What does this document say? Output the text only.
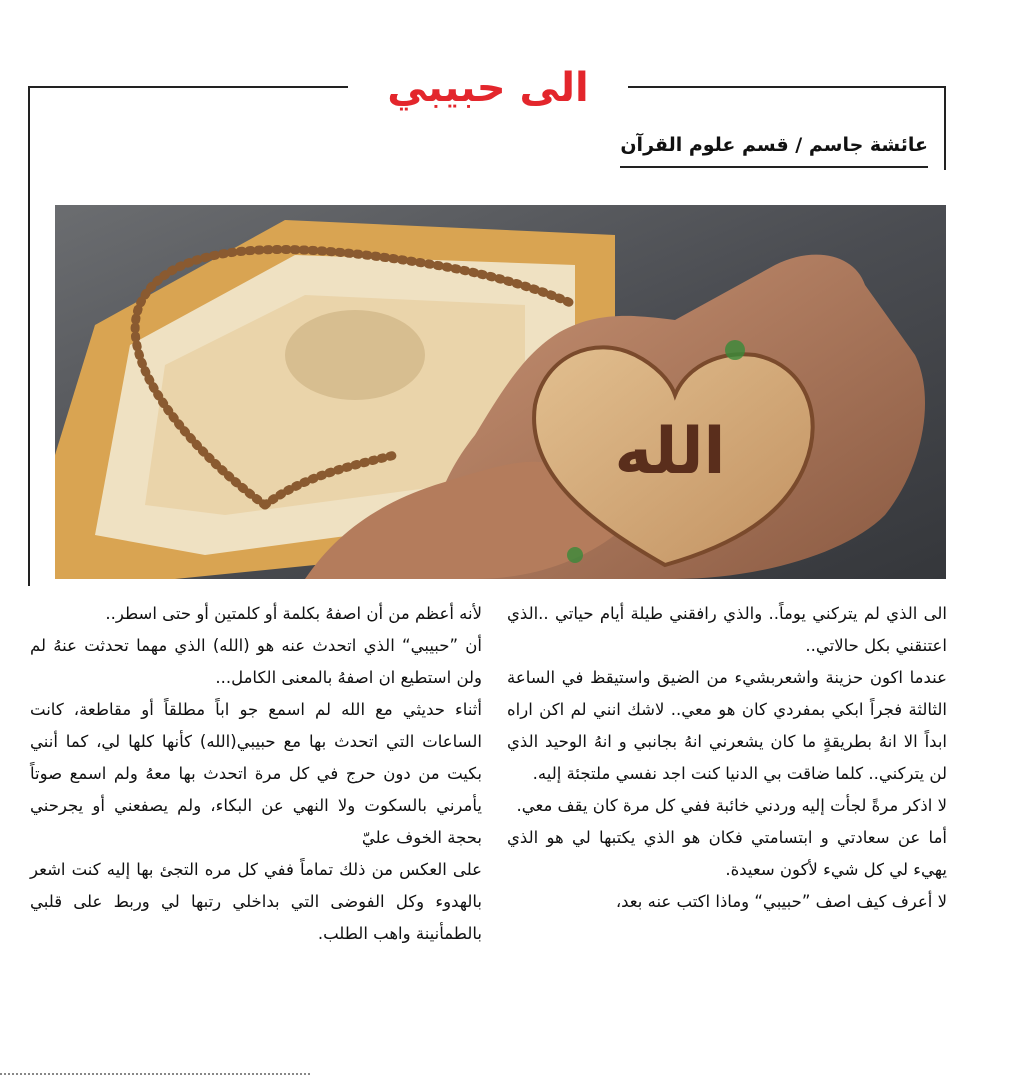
الى حبيبي
عائشة جاسم / قسم علوم القرآن
الله

الى الذي لم يتركني يوماً.. والذي رافقني طيلة أيام حياتي ..الذي اعتنقني بكل حالاتي..

عندما اكون حزينة واشعربشيء من الضيق واستيقظ في الساعة الثالثة فجراً ابكي بمفردي كان هو معي.. لاشك انني لم اكن اراه ابداً الا انهُ بطريقةٍ ما كان يشعرني انهُ بجانبي و انهُ الوحيد الذي لن يتركني.. كلما ضاقت بي الدنيا كنت اجد نفسي ملتجئة إليه.

لا اذكر مرةً لجأت إليه وردني خائبة ففي كل مرة كان يقف معي.

أما عن سعادتي و ابتسامتي فكان هو الذي يكتبها لي هو الذي يهيء لي كل شيء لأكون سعيدة.

لا أعرف كيف اصف ”حبيبي“ وماذا اكتب عنه بعد،

لأنه أعظم من أن اصفهُ بكلمة أو كلمتين أو حتى اسطر..

أن ”حبيبي“ الذي اتحدث عنه هو (الله) الذي مهما تحدثت عنهُ لم ولن استطيع ان اصفهُ بالمعنى الكامل...

أثناء حديثي مع الله لم اسمع جو اباً مطلقاً أو مقاطعة، كانت الساعات التي اتحدث بها مع حبيبي(الله) كأنها كلها لي، كما أنني بكيت من دون حرج في كل مرة اتحدث بها معهُ ولم اسمع صوتاً يأمرني بالسكوت ولا النهي عن البكاء، ولم يصفعني أو يجرحني بحجة الخوف عليّ

على العكس من ذلك تماماً ففي كل مره التجئ بها إليه كنت اشعر بالهدوء وكل الفوضى التي بداخلي رتبها لي وربط على قلبي بالطمأنينة واهب الطلب.
